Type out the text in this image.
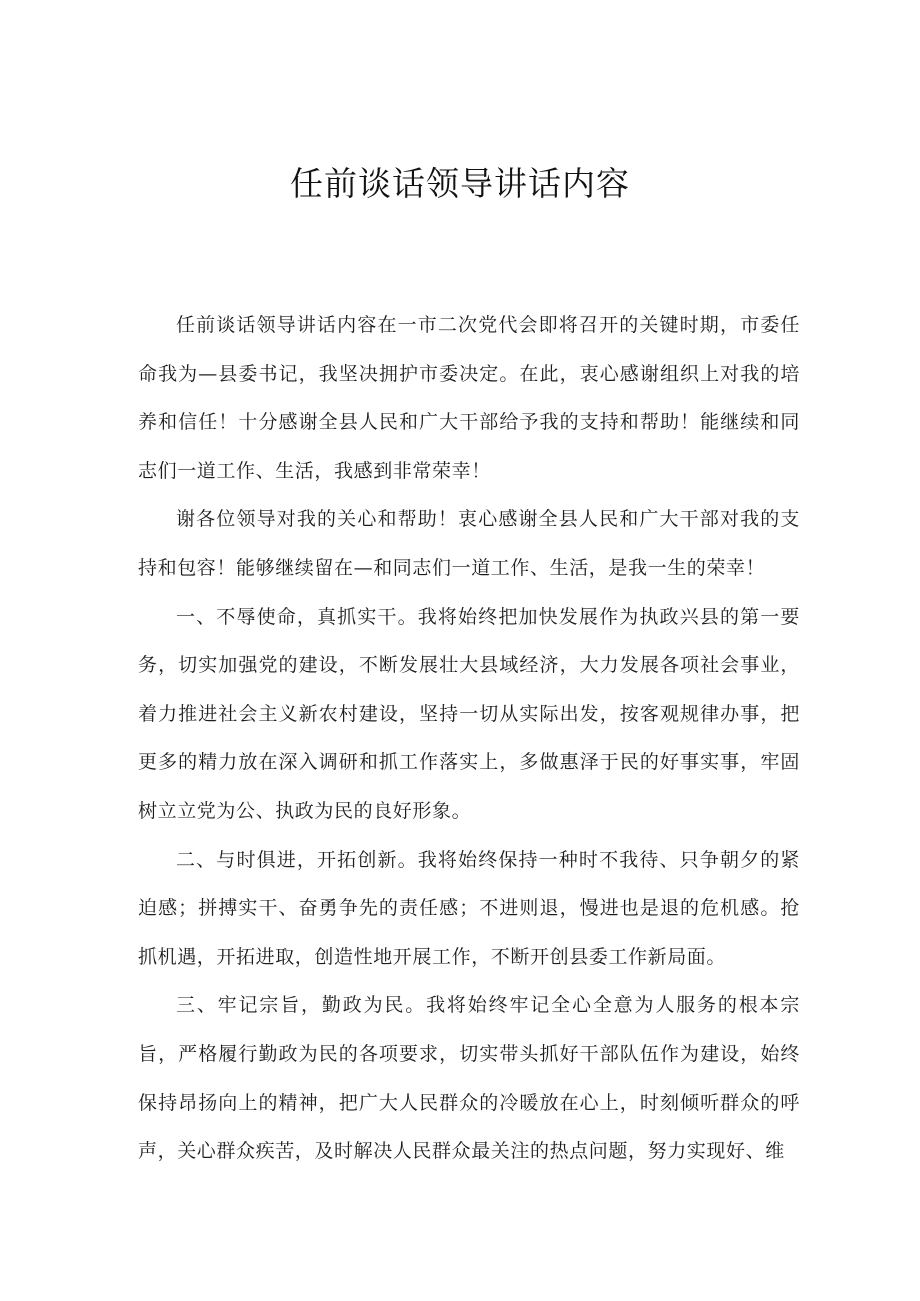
任前谈话领导讲话内容

任前谈话领导讲话内容在一市二次党代会即将召开的关键时期，市委任命我为—县委书记，我坚决拥护市委决定。在此，衷心感谢组织上对我的培养和信任！十分感谢全县人民和广大干部给予我的支持和帮助！能继续和同志们一道工作、生活，我感到非常荣幸！

谢各位领导对我的关心和帮助！衷心感谢全县人民和广大干部对我的支持和包容！能够继续留在—和同志们一道工作、生活，是我一生的荣幸！

一、不辱使命，真抓实干。我将始终把加快发展作为执政兴县的第一要务，切实加强党的建设，不断发展壮大县域经济，大力发展各项社会事业，着力推进社会主义新农村建设，坚持一切从实际出发，按客观规律办事，把更多的精力放在深入调研和抓工作落实上，多做惠泽于民的好事实事，牢固树立立党为公、执政为民的良好形象。

二、与时俱进，开拓创新。我将始终保持一种时不我待、只争朝夕的紧迫感；拼搏实干、奋勇争先的责任感；不进则退，慢进也是退的危机感。抢抓机遇，开拓进取，创造性地开展工作，不断开创县委工作新局面。

三、牢记宗旨，勤政为民。我将始终牢记全心全意为人服务的根本宗旨，严格履行勤政为民的各项要求，切实带头抓好干部队伍作为建设，始终保持昂扬向上的精神，把广大人民群众的冷暖放在心上，时刻倾听群众的呼声，关心群众疾苦，及时解决人民群众最关注的热点问题，努力实现好、维
